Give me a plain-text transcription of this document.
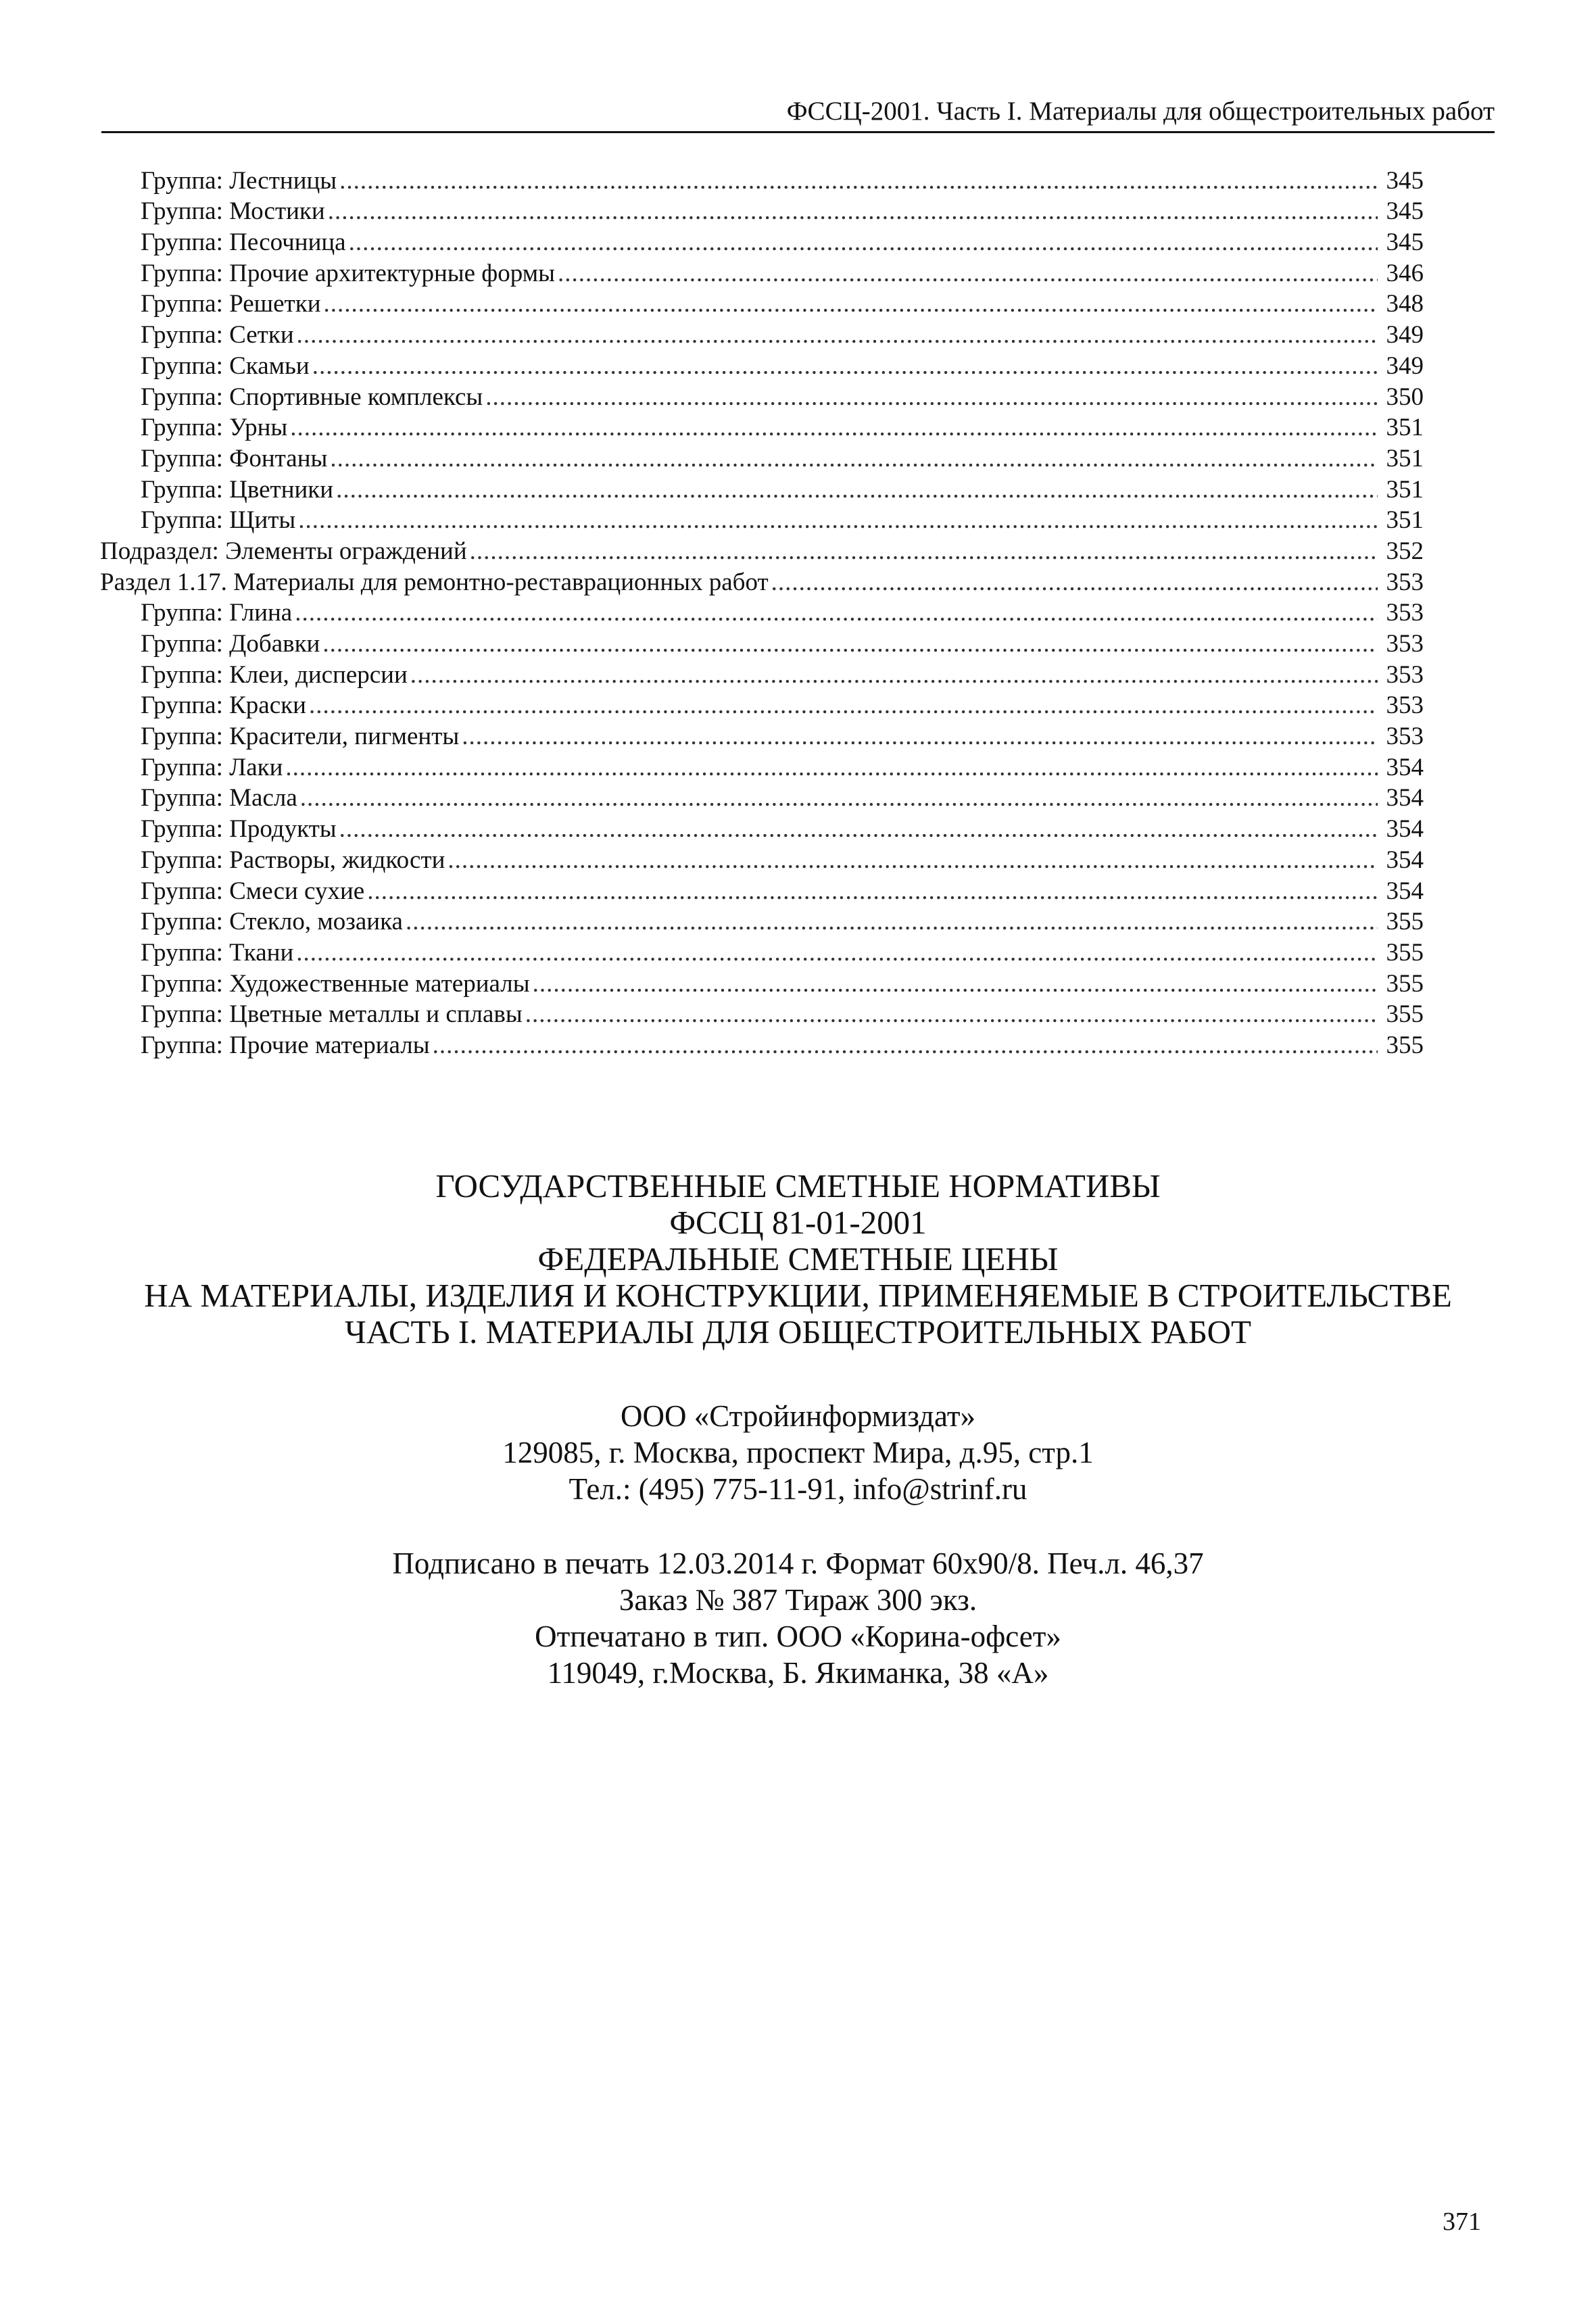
ФССЦ-2001. Часть I. Материалы для общестроительных работ
Группа: Лестницы .....	345
Группа: Мостики .....	345
Группа: Песочница .....	345
Группа: Прочие архитектурные формы .....	346
Группа: Решетки .....	348
Группа: Сетки .....	349
Группа: Скамьи .....	349
Группа: Спортивные комплексы .....	350
Группа: Урны .....	351
Группа: Фонтаны .....	351
Группа: Цветники .....	351
Группа: Щиты .....	351
Подраздел: Элементы ограждений .....	352
Раздел 1.17. Материалы для ремонтно-реставрационных работ .....	353
Группа: Глина .....	353
Группа: Добавки .....	353
Группа: Клеи, дисперсии .....	353
Группа: Краски .....	353
Группа: Красители, пигменты .....	353
Группа: Лаки .....	354
Группа: Масла .....	354
Группа: Продукты .....	354
Группа: Растворы, жидкости .....	354
Группа: Смеси сухие .....	354
Группа: Стекло, мозаика .....	355
Группа: Ткани .....	355
Группа: Художественные материалы .....	355
Группа: Цветные металлы и сплавы .....	355
Группа: Прочие материалы .....	355
ГОСУДАРСТВЕННЫЕ СМЕТНЫЕ НОРМАТИВЫ
ФССЦ 81-01-2001
ФЕДЕРАЛЬНЫЕ СМЕТНЫЕ ЦЕНЫ
НА МАТЕРИАЛЫ, ИЗДЕЛИЯ И КОНСТРУКЦИИ, ПРИМЕНЯЕМЫЕ В СТРОИТЕЛЬСТВЕ
ЧАСТЬ I. МАТЕРИАЛЫ ДЛЯ ОБЩЕСТРОИТЕЛЬНЫХ РАБОТ
ООО «Стройинформиздат»
129085, г. Москва, проспект Мира, д.95, стр.1
Тел.: (495) 775-11-91, info@strinf.ru
Подписано в печать 12.03.2014 г. Формат 60х90/8. Печ.л. 46,37
Заказ № 387 Тираж 300 экз.
Отпечатано в тип. ООО «Корина-офсет»
119049, г.Москва, Б. Якиманка, 38 «А»
371
